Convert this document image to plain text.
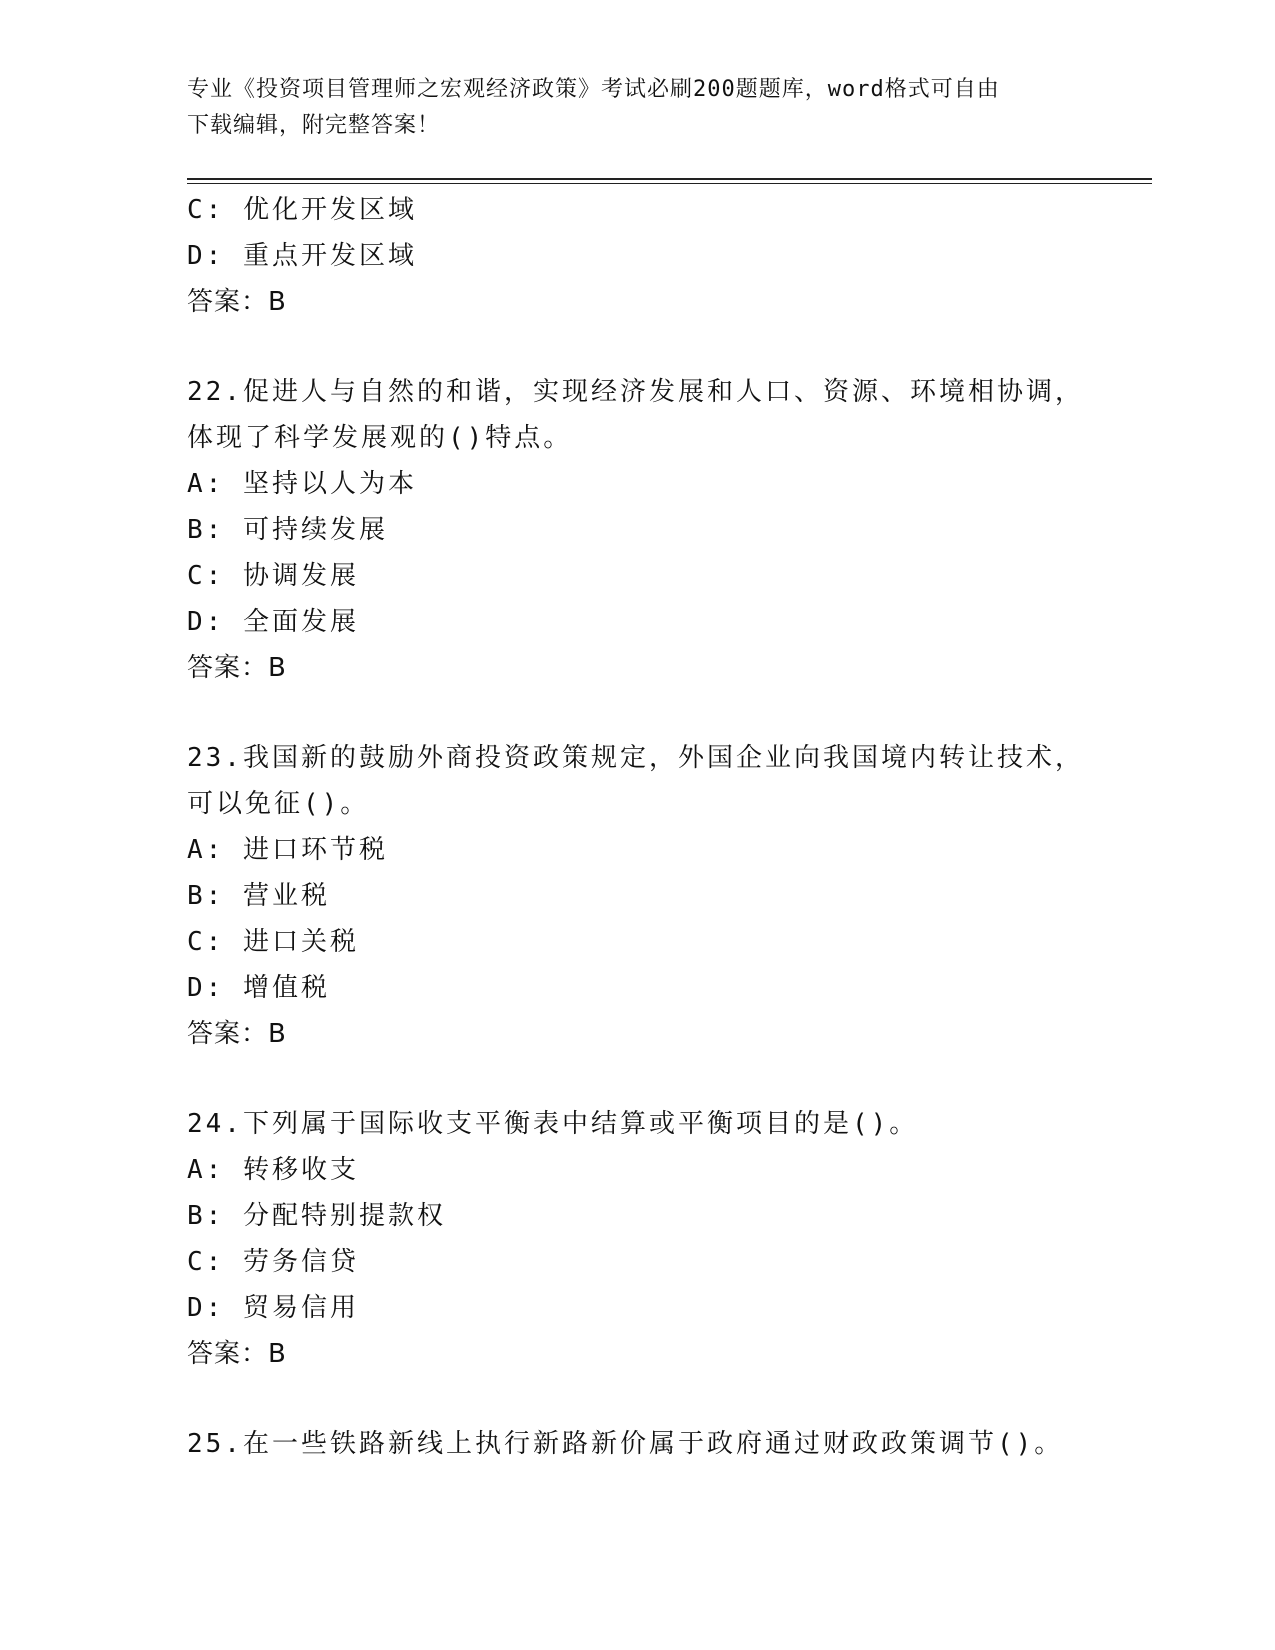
专业《投资项目管理师之宏观经济政策》考试必刷200题题库，word格式可自由
下载编辑，附完整答案！
C: 优化开发区域
D: 重点开发区域
答案：B
22.促进人与自然的和谐，实现经济发展和人口、资源、环境相协调，
体现了科学发展观的()特点。
A: 坚持以人为本
B: 可持续发展
C: 协调发展
D: 全面发展
答案：B
23.我国新的鼓励外商投资政策规定，外国企业向我国境内转让技术，
可以免征()。
A: 进口环节税
B: 营业税
C: 进口关税
D: 增值税
答案：B
24.下列属于国际收支平衡表中结算或平衡项目的是()。
A: 转移收支
B: 分配特别提款权
C: 劳务信贷
D: 贸易信用
答案：B
25.在一些铁路新线上执行新路新价属于政府通过财政政策调节()。
